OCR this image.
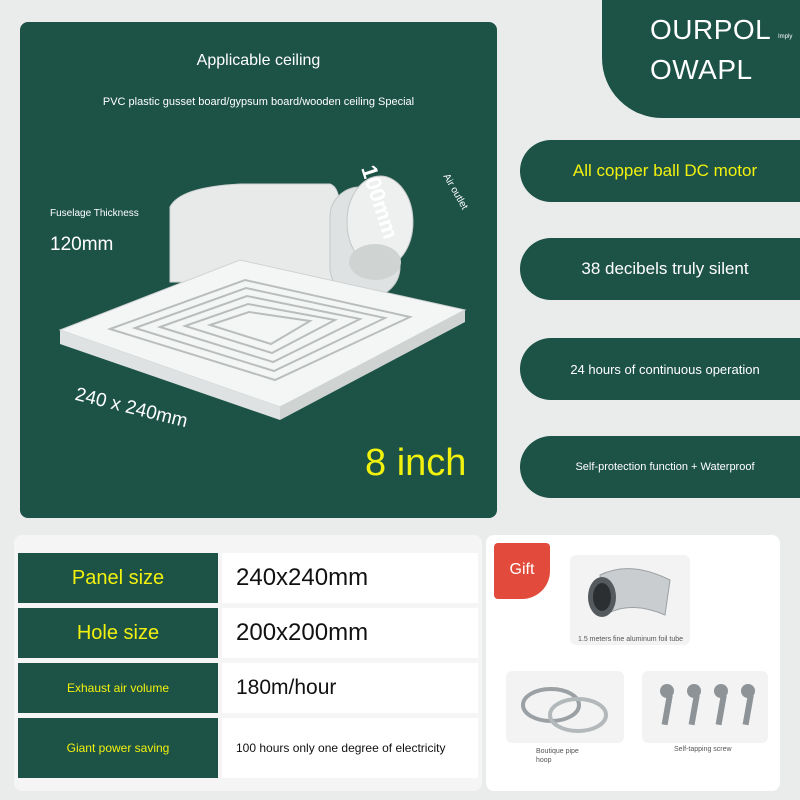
Applicable ceiling
PVC plastic gusset board/gypsum board/wooden ceiling Special
Fuselage Thickness
120mm
100mm	Air outlet
240 x 240mm
8 inch
OURPOL Imply
OWAPL
All copper ball DC motor
38 decibels truly silent
24 hours of continuous operation
Self-protection function + Waterproof
Panel size	240x240mm
Hole size	200x200mm
Exhaust air volume	180m/hour
Giant power saving	100 hours only one degree of electricity
Gift
1.5 meters fine aluminum foil tube
Boutique pipe hoop
Self-tapping screw
